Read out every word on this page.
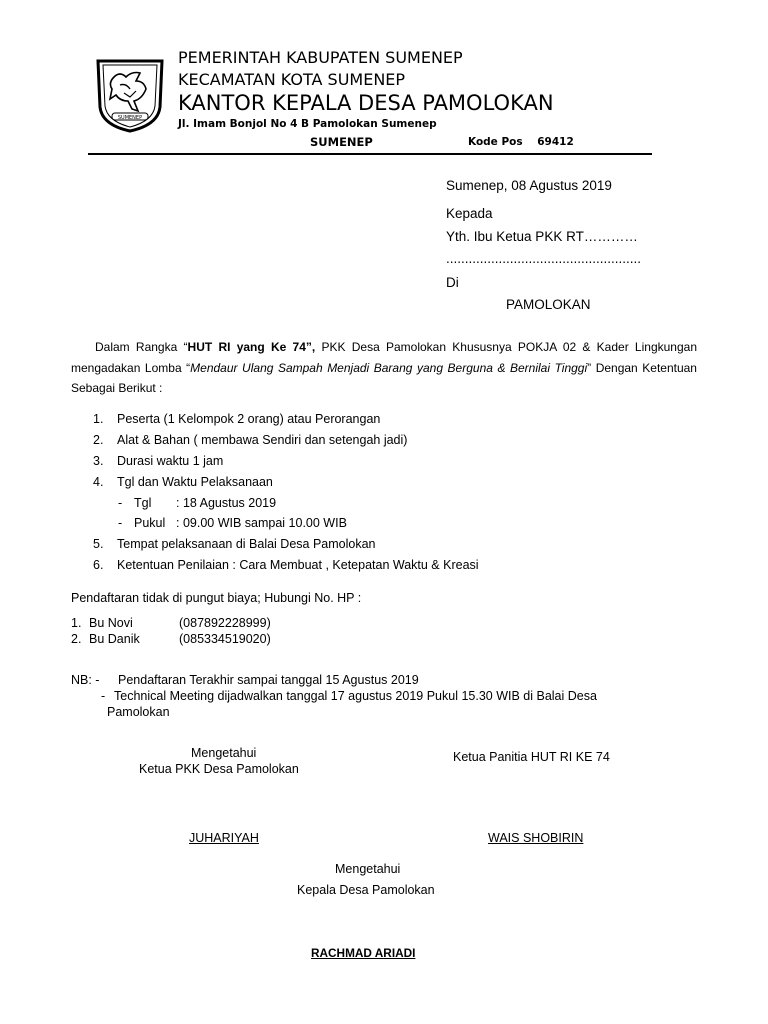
SUMENEP
PEMERINTAH KABUPATEN SUMENEP
KECAMATAN KOTA SUMENEP
KANTOR KEPALA DESA PAMOLOKAN
Jl. Imam Bonjol No 4 B Pamolokan Sumenep
SUMENEP	Kode Pos 69412
Sumenep, 08 Agustus 2019
Kepada
Yth. Ibu Ketua PKK RT…………
....................................................
Di
PAMOLOKAN
Dalam Rangka “HUT RI yang Ke 74”, PKK Desa Pamolokan Khususnya POKJA 02 & Kader Lingkungan mengadakan Lomba “Mendaur Ulang Sampah Menjadi Barang yang Berguna & Bernilai Tinggi” Dengan Ketentuan Sebagai Berikut :
1. Peserta (1 Kelompok 2 orang) atau Perorangan
2. Alat & Bahan ( membawa Sendiri dan setengah jadi)
3. Durasi waktu 1 jam
4. Tgl dan Waktu Pelaksanaan
- Tgl : 18 Agustus 2019
- Pukul : 09.00 WIB sampai 10.00 WIB
5. Tempat pelaksanaan di Balai Desa Pamolokan
6. Ketentuan Penilaian : Cara Membuat , Ketepatan Waktu & Kreasi
Pendaftaran tidak di pungut biaya; Hubungi No. HP :
1. Bu Novi	(087892228999)
2. Bu Danik	(085334519020)
NB: - Pendaftaran Terakhir sampai tanggal 15 Agustus 2019
- Technical Meeting dijadwalkan tanggal 17 agustus 2019 Pukul 15.30 WIB di Balai Desa
Pamolokan
Mengetahui
Ketua PKK Desa Pamolokan
Ketua Panitia HUT RI KE 74
JUHARIYAH	WAIS SHOBIRIN
Mengetahui
Kepala Desa Pamolokan
RACHMAD ARIADI
